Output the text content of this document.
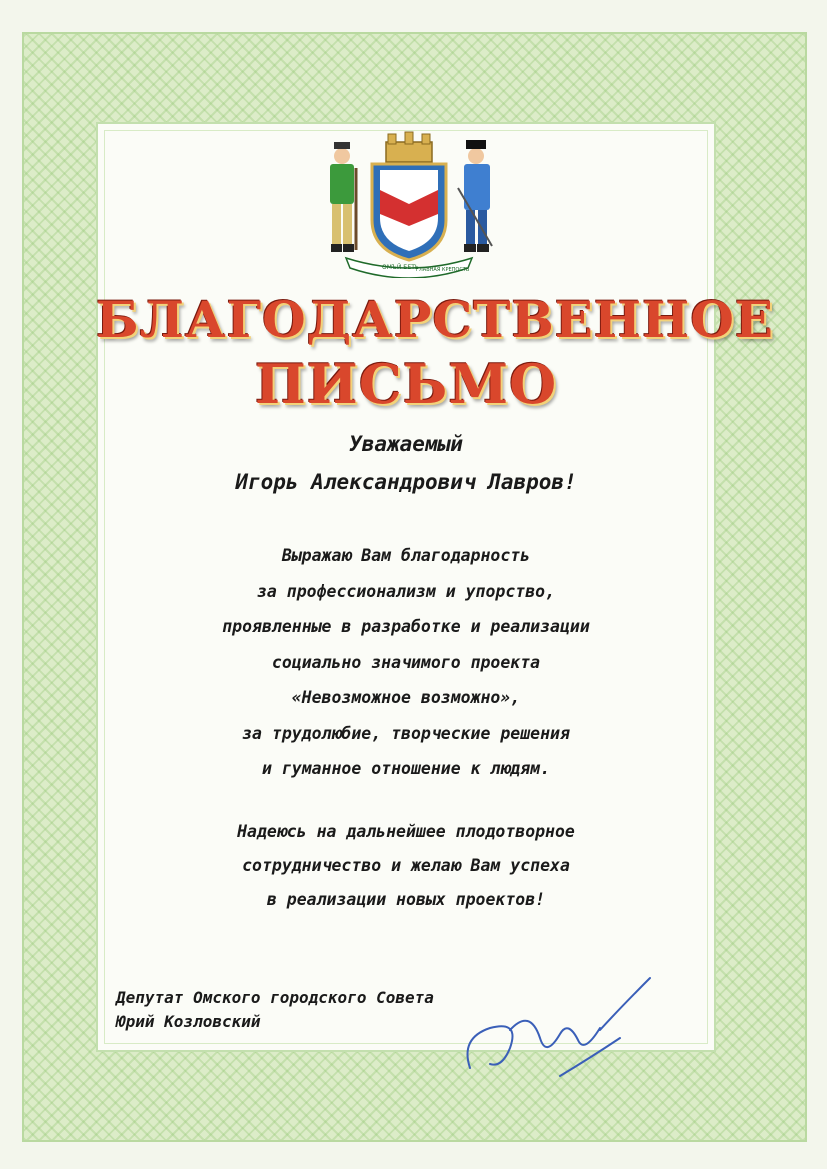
ОМЪЙ БЕТЬ
ГЛАВНАЯ КРЕПОСТЬ
БЛАГОДАРСТВЕННОЕ
ПИСЬМО
Уважаемый
Игорь Александрович Лавров!
Выражаю Вам благодарность
за профессионализм и упорство,
проявленные в разработке и реализации
социально значимого проекта
«Невозможное возможно»,
за трудолюбие, творческие решения
и гуманное отношение к людям.
Надеюсь на дальнейшее плодотворное
сотрудничество и желаю Вам успеха
в реализации новых проектов!
Депутат Омского городского Совета
Юрий Козловский
